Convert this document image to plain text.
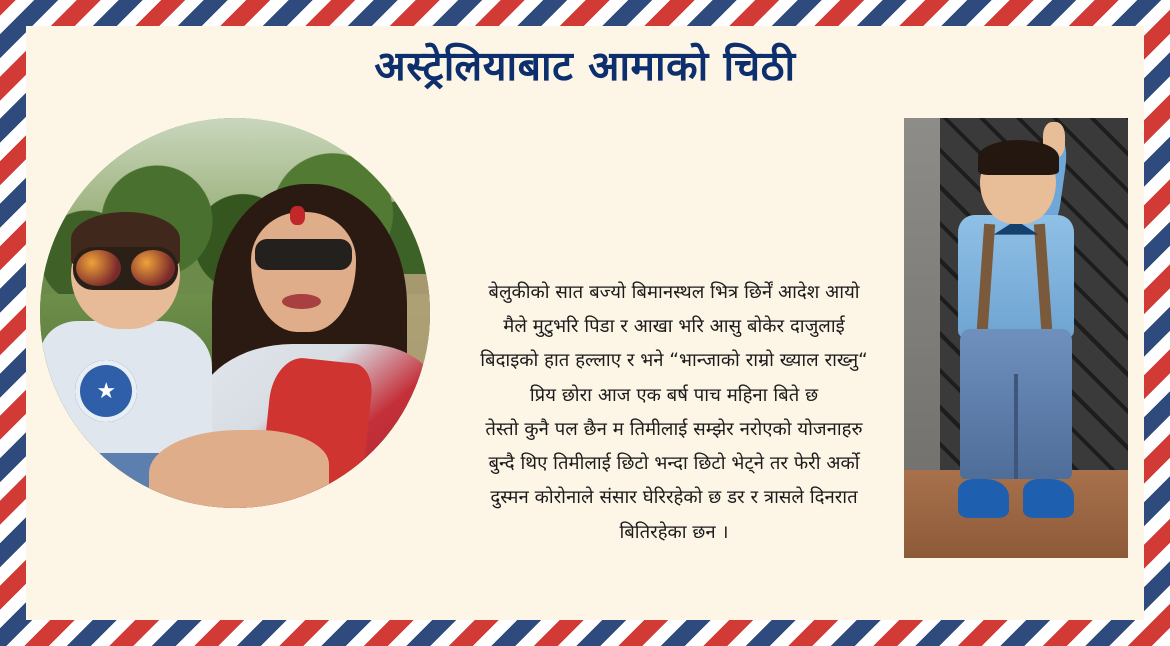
अस्ट्रेलियाबाट आमाको चिठी
★

बेलुकीको सात बज्यो बिमानस्थल भित्र छिर्नें आदेश आयो

मैले मुटुभरि पिडा र आखा भरि आसु बोकेर दाजुलाई

बिदाइको हात हल्लाए र भने “भान्जाको राम्रो ख्याल राख्नु“

प्रिय छोरा आज एक बर्ष पाच महिना बिते छ

तेस्तो कुनै पल छैन म तिमीलाई सम्झेर नरोएको योजनाहरु

बुन्दै थिए तिमीलाई छिटो भन्दा छिटो भेट्ने तर फेरी अर्को

दुस्मन कोरोनाले संसार घेरिरहेको छ डर र त्रासले दिनरात

बितिरहेका छन ।
